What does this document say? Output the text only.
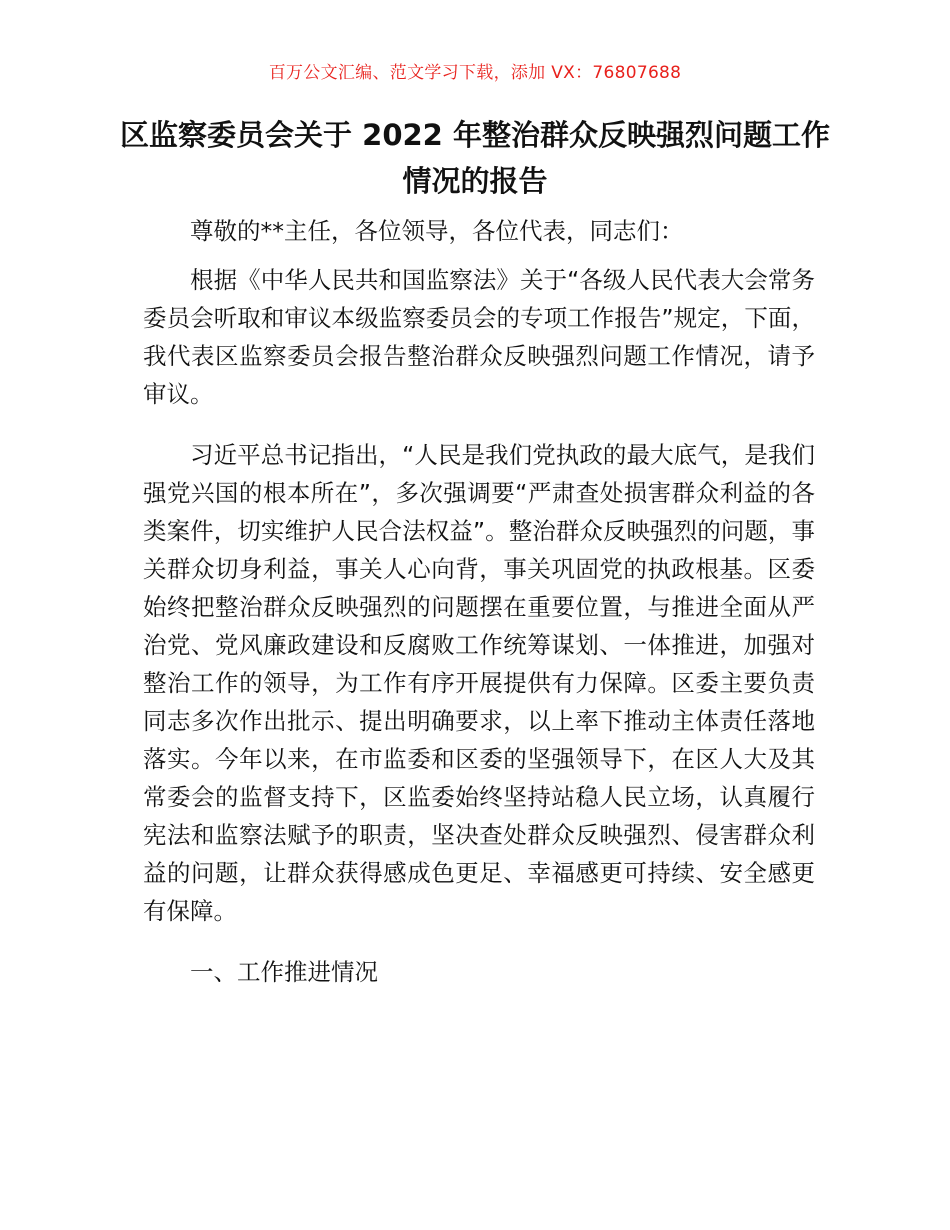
百万公文汇编、范文学习下载，添加 VX：76807688
区监察委员会关于 2022 年整治群众反映强烈问题工作情况的报告

尊敬的**主任，各位领导，各位代表，同志们：

根据《中华人民共和国监察法》关于“各级人民代表大会常务委员会听取和审议本级监察委员会的专项工作报告”规定，下面，我代表区监察委员会报告整治群众反映强烈问题工作情况，请予审议。

习近平总书记指出，“人民是我们党执政的最大底气，是我们强党兴国的根本所在”，多次强调要“严肃查处损害群众利益的各类案件，切实维护人民合法权益”。整治群众反映强烈的问题，事关群众切身利益，事关人心向背，事关巩固党的执政根基。区委始终把整治群众反映强烈的问题摆在重要位置，与推进全面从严治党、党风廉政建设和反腐败工作统筹谋划、一体推进，加强对整治工作的领导，为工作有序开展提供有力保障。区委主要负责同志多次作出批示、提出明确要求，以上率下推动主体责任落地落实。今年以来，在市监委和区委的坚强领导下，在区人大及其常委会的监督支持下，区监委始终坚持站稳人民立场，认真履行宪法和监察法赋予的职责，坚决查处群众反映强烈、侵害群众利益的问题，让群众获得感成色更足、幸福感更可持续、安全感更有保障。

一、工作推进情况
